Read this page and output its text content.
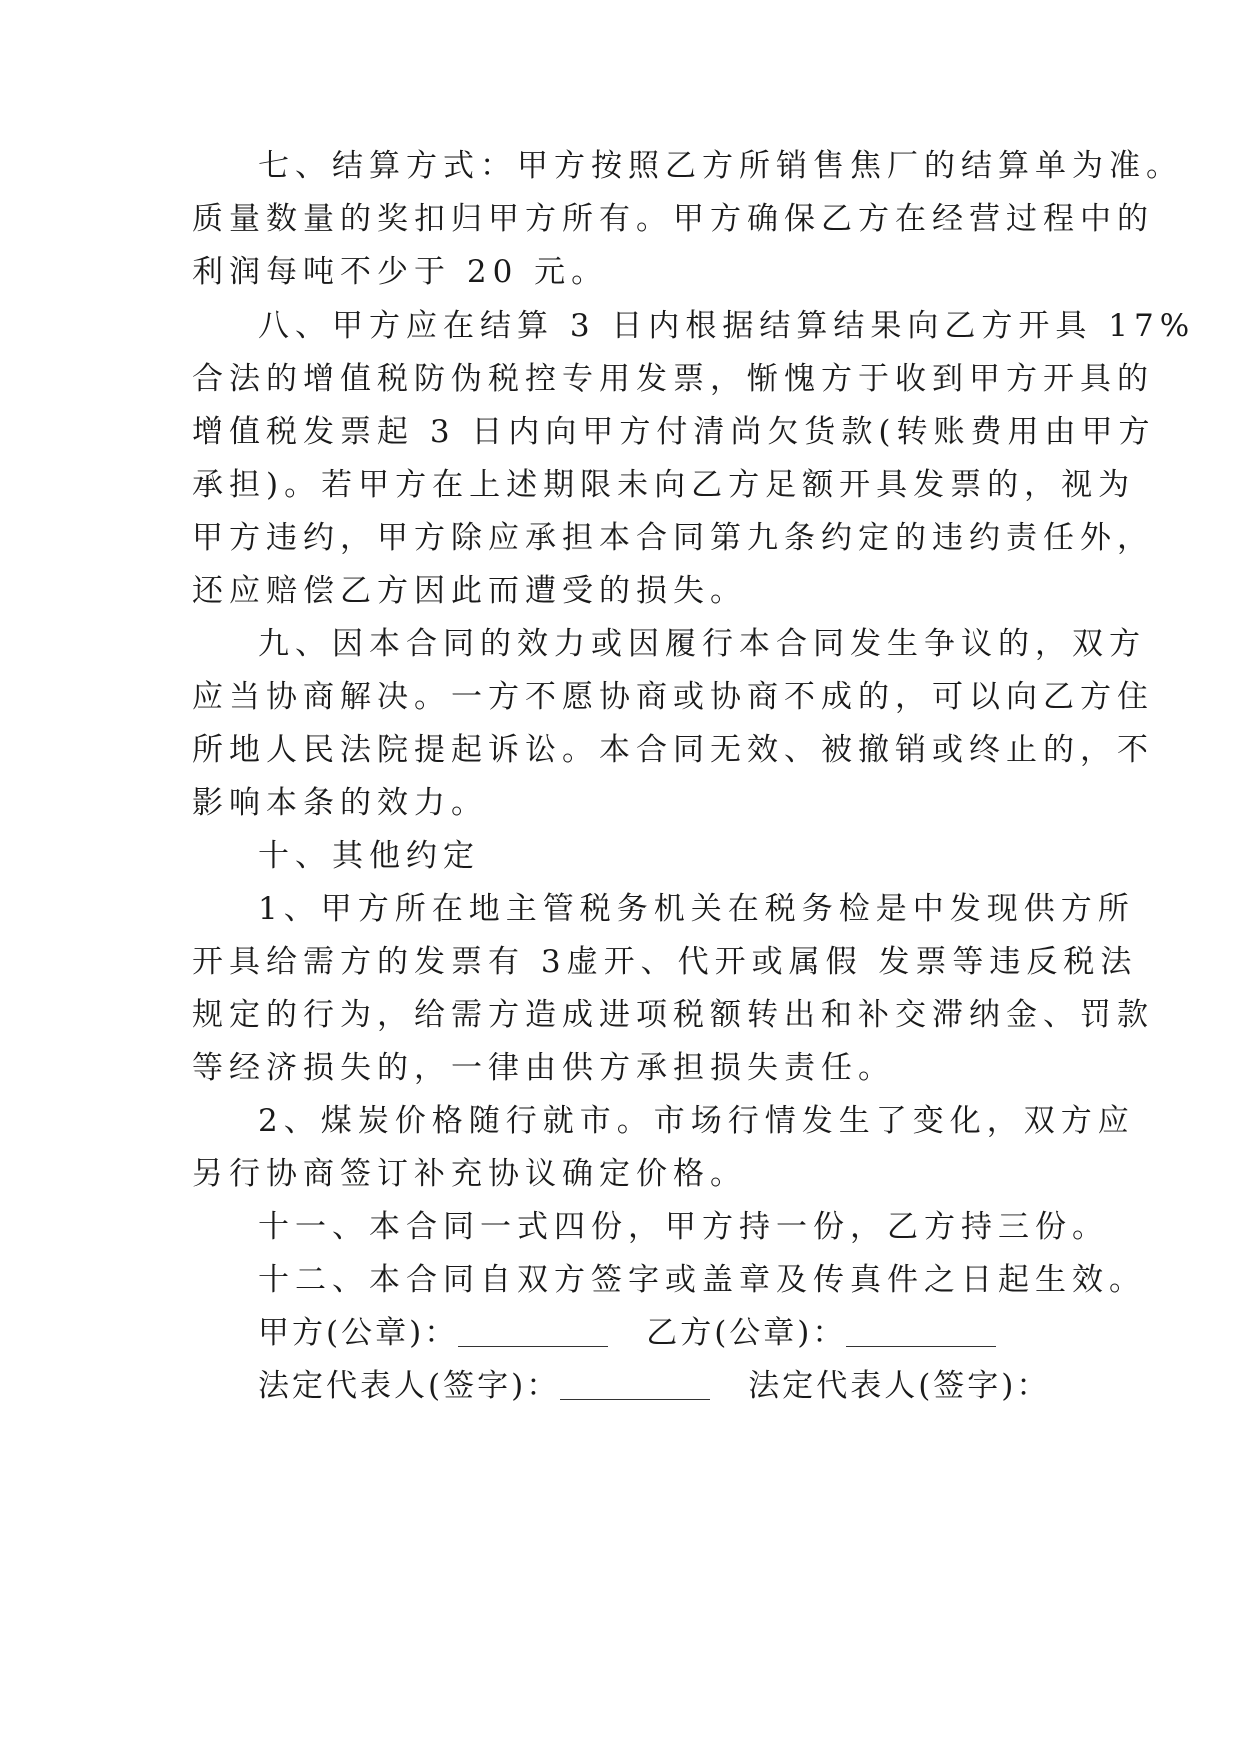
七、结算方式：甲方按照乙方所销售焦厂的结算单为准。
质量数量的奖扣归甲方所有。甲方确保乙方在经营过程中的
利润每吨不少于 20 元。
八、甲方应在结算 3 日内根据结算结果向乙方开具 17%
合法的增值税防伪税控专用发票，惭愧方于收到甲方开具的
增值税发票起 3 日内向甲方付清尚欠货款(转账费用由甲方
承担)。若甲方在上述期限未向乙方足额开具发票的，视为
甲方违约，甲方除应承担本合同第九条约定的违约责任外，
还应赔偿乙方因此而遭受的损失。
九、因本合同的效力或因履行本合同发生争议的，双方
应当协商解决。一方不愿协商或协商不成的，可以向乙方住
所地人民法院提起诉讼。本合同无效、被撤销或终止的，不
影响本条的效力。
十、其他约定
1、甲方所在地主管税务机关在税务检是中发现供方所
开具给需方的发票有 3虚开、代开或属假 发票等违反税法
规定的行为，给需方造成进项税额转出和补交滞纳金、罚款
等经济损失的，一律由供方承担损失责任。
2、煤炭价格随行就市。市场行情发生了变化，双方应
另行协商签订补充协议确定价格。
十一、本合同一式四份，甲方持一份，乙方持三份。
十二、本合同自双方签字或盖章及传真件之日起生效。
甲方(公章)：	乙方(公章)：
法定代表人(签字)：	法定代表人(签字)：
